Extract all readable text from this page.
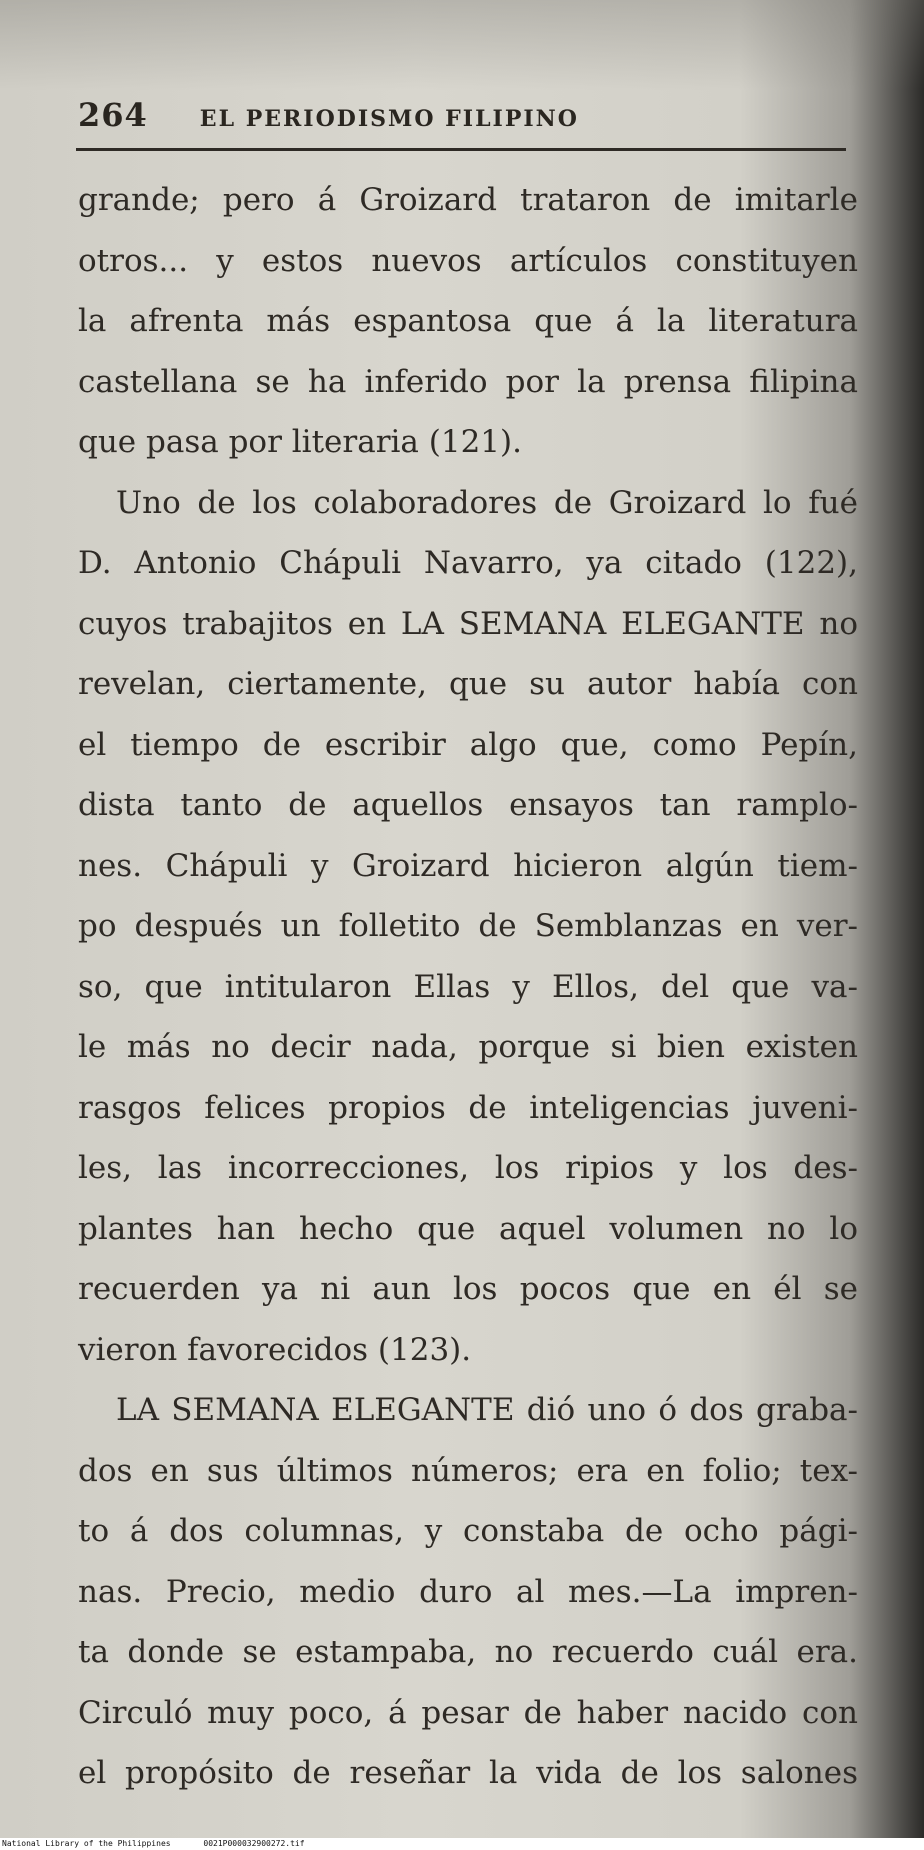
264 EL PERIODISMO FILIPINO
grande; pero á Groizard trataron de imitarle
otros... y estos nuevos artículos constituyen
la afrenta más espantosa que á la literatura
castellana se ha inferido por la prensa filipina
que pasa por literaria (121).
Uno de los colaboradores de Groizard lo fué
D. Antonio Chápuli Navarro, ya citado (122),
cuyos trabajitos en LA SEMANA ELEGANTE no
revelan, ciertamente, que su autor había con
el tiempo de escribir algo que, como Pepín,
dista tanto de aquellos ensayos tan ramplo-
nes. Chápuli y Groizard hicieron algún tiem-
po después un folletito de Semblanzas en ver-
so, que intitularon Ellas y Ellos, del que va-
le más no decir nada, porque si bien existen
rasgos felices propios de inteligencias juveni-
les, las incorrecciones, los ripios y los des-
plantes han hecho que aquel volumen no lo
recuerden ya ni aun los pocos que en él se
vieron favorecidos (123).
LA SEMANA ELEGANTE dió uno ó dos graba-
dos en sus últimos números; era en folio; tex-
to á dos columnas, y constaba de ocho pági-
nas. Precio, medio duro al mes.—La impren-
ta donde se estampaba, no recuerdo cuál era.
Circuló muy poco, á pesar de haber nacido con
el propósito de reseñar la vida de los salones
National Library of the Philippines	0021P000032900272.tif
